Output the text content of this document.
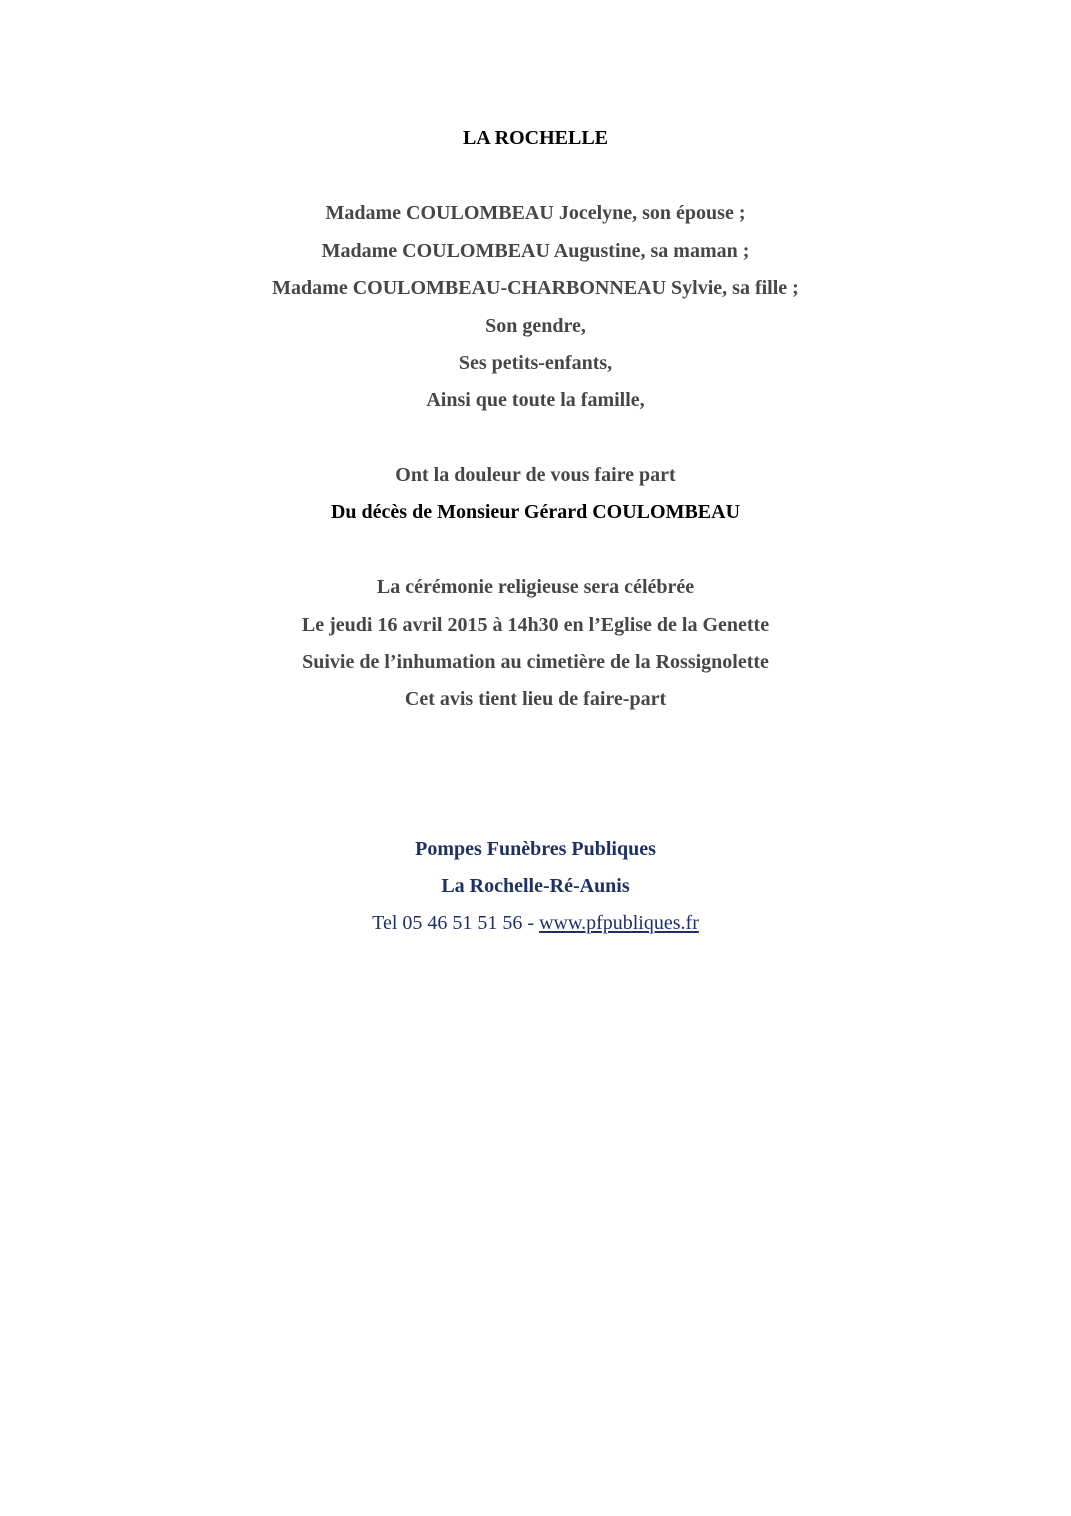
LA ROCHELLE
Madame COULOMBEAU Jocelyne, son épouse ;
Madame COULOMBEAU Augustine, sa maman ;
Madame COULOMBEAU-CHARBONNEAU Sylvie, sa fille ;
Son gendre,
Ses petits-enfants,
Ainsi que toute la famille,
Ont la douleur de vous faire part
Du décès de Monsieur Gérard COULOMBEAU
La cérémonie religieuse sera célébrée
Le jeudi 16 avril 2015 à 14h30 en l’Eglise de la Genette
Suivie de l’inhumation au cimetière de la Rossignolette
Cet avis tient lieu de faire-part
Pompes Funèbres Publiques
La Rochelle-Ré-Aunis
Tel 05 46 51 51 56 - www.pfpubliques.fr
